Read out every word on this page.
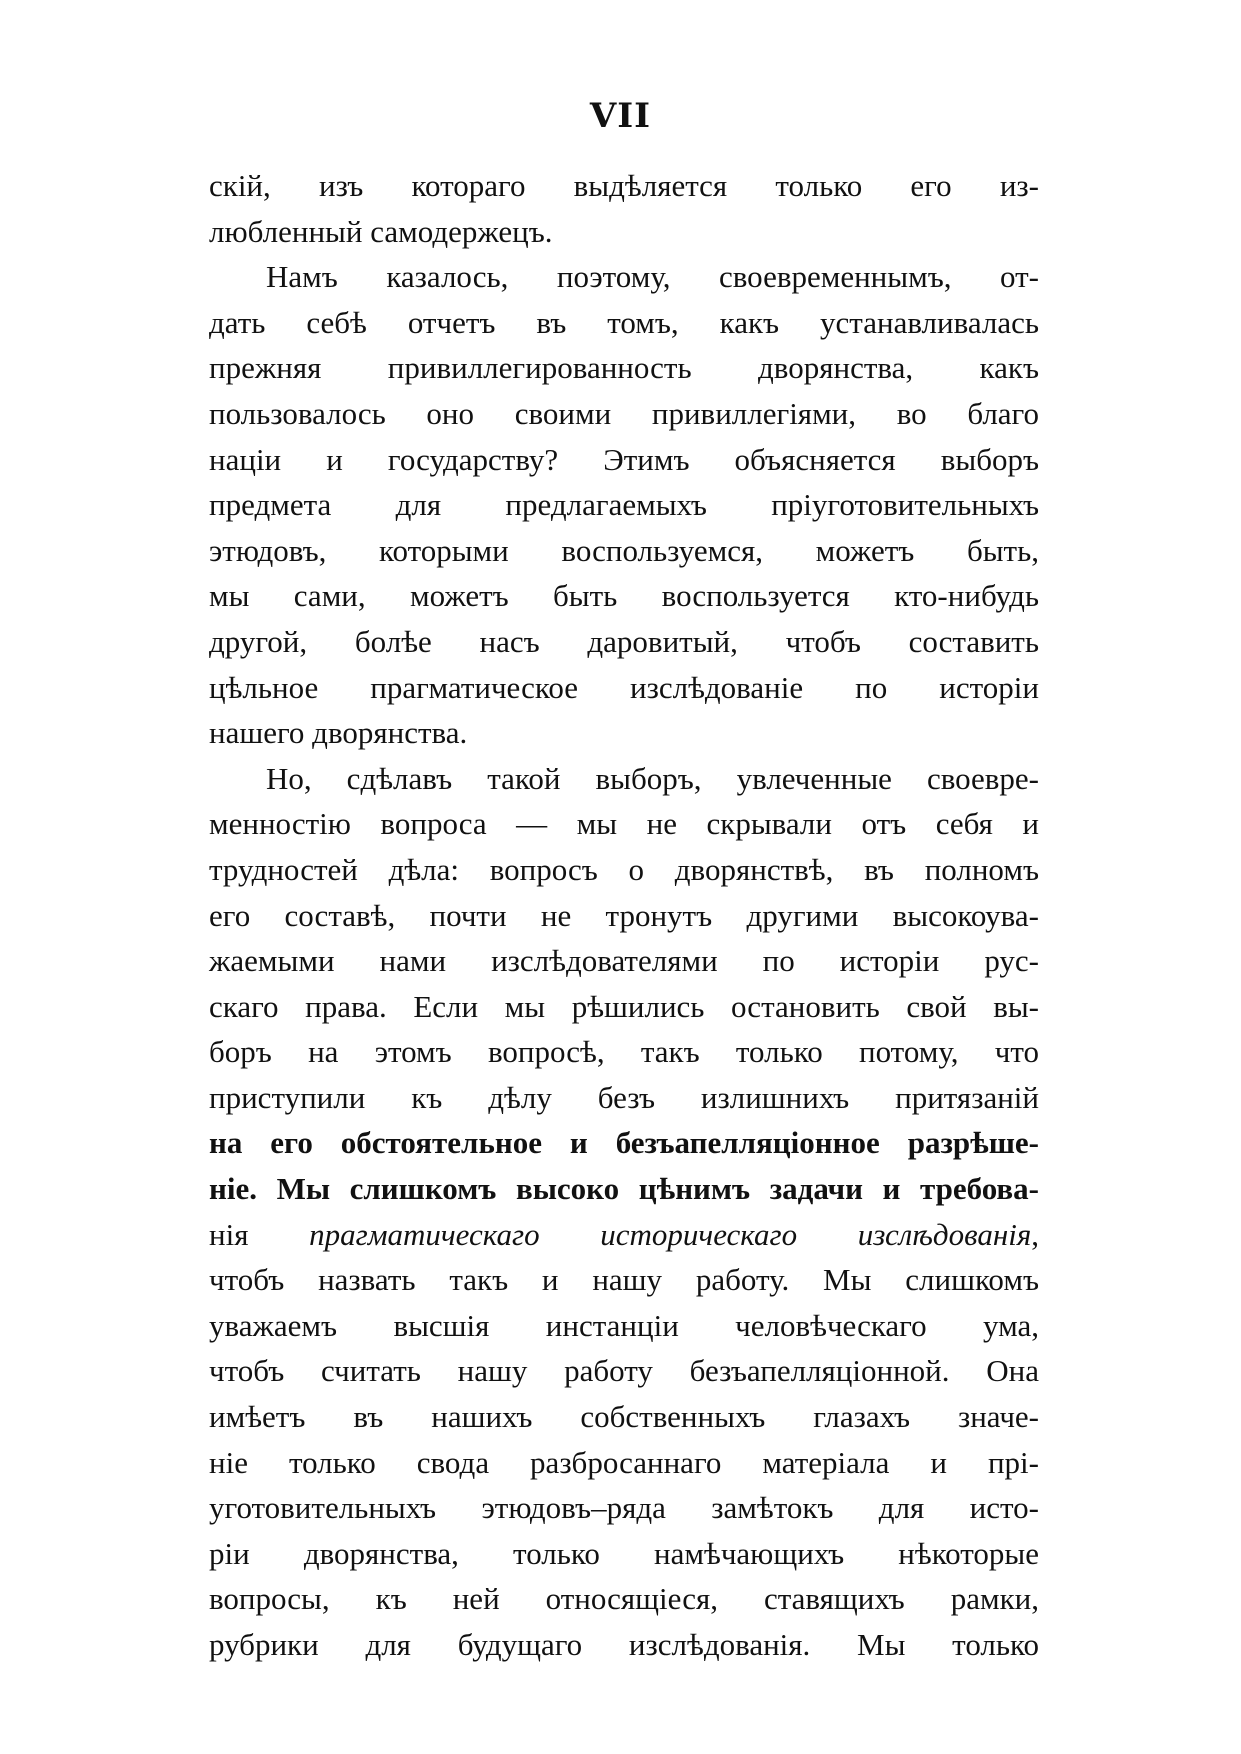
VII
скій, изъ котораго выдѣляется только его из-
любленный самодержецъ.
Намъ казалось, поэтому, своевременнымъ, от-
дать себѣ отчетъ въ томъ, какъ устанавливалась
прежняя привиллегированность дворянства, какъ
пользовалось оно своими привиллегіями, во благо
націи и государству? Этимъ объясняется выборъ
предмета для предлагаемыхъ пріуготовительныхъ
этюдовъ, которыми воспользуемся, можетъ быть,
мы сами, можетъ быть воспользуется кто-нибудь
другой, болѣе насъ даровитый, чтобъ составить
цѣльное прагматическое изслѣдованіе по исторіи
нашего дворянства.
Но, сдѣлавъ такой выборъ, увлеченные своевре-
менностію вопроса — мы не скрывали отъ себя и
трудностей дѣла: вопросъ о дворянствѣ, въ полномъ
его составѣ, почти не тронутъ другими высокоува-
жаемыми нами изслѣдователями по исторіи рус-
скаго права. Если мы рѣшились остановить свой вы-
боръ на этомъ вопросѣ, такъ только потому, что
приступили къ дѣлу безъ излишнихъ притязаній
на его обстоятельное и безъапелляціонное разрѣше-
ніе. Мы слишкомъ высоко цѣнимъ задачи и требова-
нія прагматическаго историческаго изслѣдованія,
чтобъ назвать такъ и нашу работу. Мы слишкомъ
уважаемъ высшія инстанціи человѣческаго ума,
чтобъ считать нашу работу безъапелляціонной. Она
имѣетъ въ нашихъ собственныхъ глазахъ значе-
ніе только свода разбросаннаго матеріала и прі-
уготовительныхъ этюдовъ–ряда замѣтокъ для исто-
ріи дворянства, только намѣчающихъ нѣкоторые
вопросы, къ ней относящіеся, ставящихъ рамки,
рубрики для будущаго изслѣдованія. Мы только
